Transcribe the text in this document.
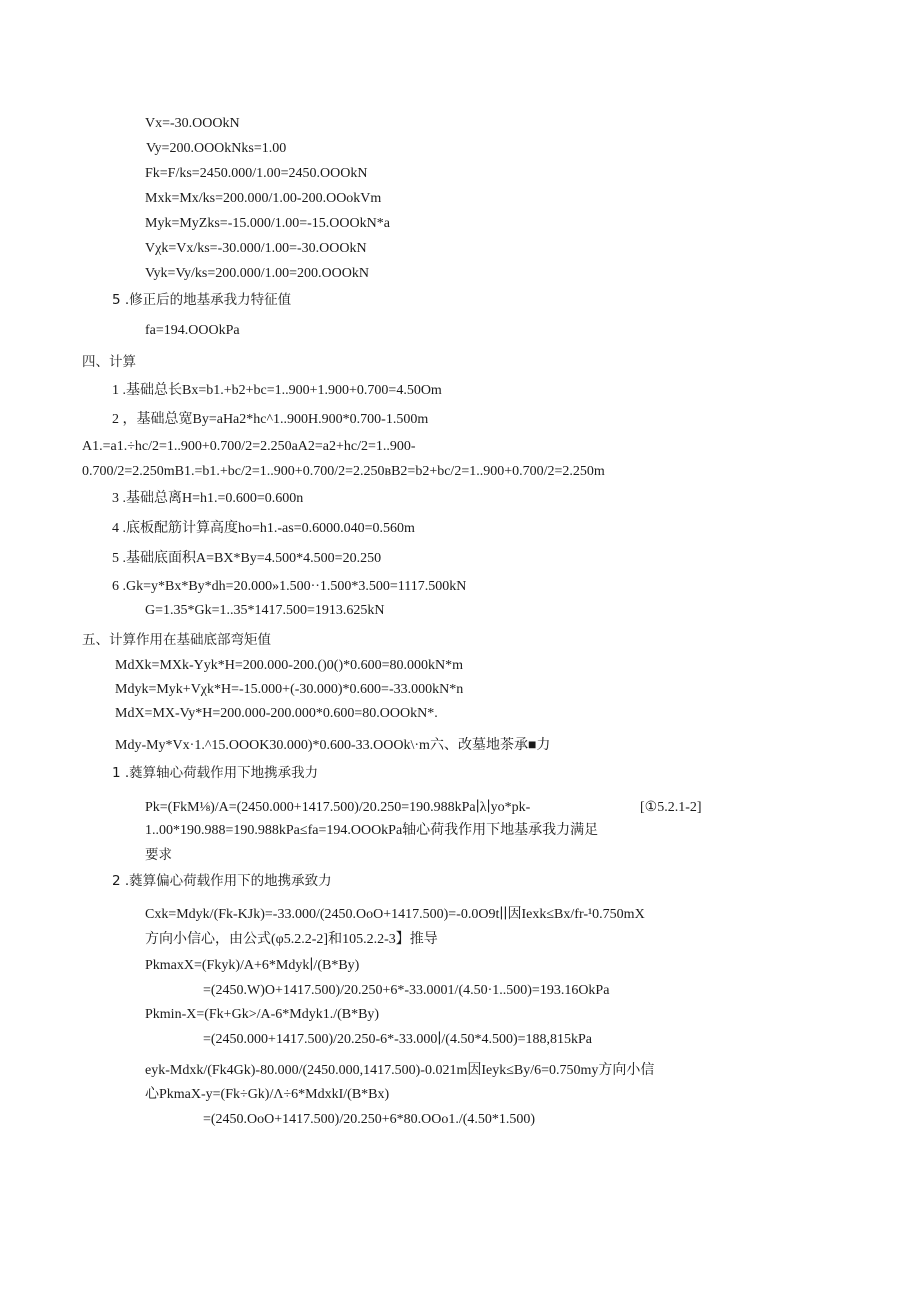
Vx=-30.OOOkN
Vy=200.OOOkNks=1.00
Fk=F/ks=2450.000/1.00=2450.OOOkN
Mxk=Mx/ks=200.000/1.00-200.OOokVm
Myk=MyZks=-15.000/1.00=-15.OOOkN*a
Vχk=Vx/ks=-30.000/1.00=-30.OOOkN
Vyk=Vy/ks=200.000/1.00=200.OOOkN
5 .修正后的地基承我力特征值
fa=194.OOOkPa
四、计算
1 .基础总长Bx=b1.+b2+bc=1..900+1.900+0.700=4.50Om
2 ，基础总宽By=aHa2*hc^1..900H.900*0.700-1.500m
A1.=a1.÷hc/2=1..900+0.700/2=2.250aA2=a2+hc/2=1..900-
0.700/2=2.250mB1.=b1.+bc/2=1..900+0.700/2=2.250вB2=b2+bc/2=1..900+0.700/2=2.250m
3 .基础总离H=h1.=0.600=0.600n
4 .底板配筋计算高度ho=h1.-as=0.6000.040=0.560m
5 .基础底面积A=BX*By=4.500*4.500=20.250
6 .Gk=y*Bx*By*dh=20.000»1.500··1.500*3.500=1117.500kN
G=1.35*Gk=1..35*1417.500=1913.625kN
五、计算作用在基础底部弯矩值
MdXk=MXk-Yyk*H=200.000-200.()0()*0.600=80.000kN*m
Mdyk=Myk+Vχk*H=-15.000+(-30.000)*0.600=-33.000kN*n
MdX=MX-Vy*H=200.000-200.000*0.600=80.OOOkN*.
Mdy-My*Vx·1.^15.OOOK30.000)*0.600-33.OOOk\·m六、改墓地茶承■力
1 .蕤算轴心荷载作用下地携承我力
Pk=(FkM⅛)/A=(2450.000+1417.500)/20.250=190.988kPa∣λ∣yo*pk-	[①5.2.1-2]
1..00*190.988=190.988kPa≤fa=194.OOOkPa轴心荷我作用下地基承我力满足
要求
2 .蕤算偏心荷载作用下的地携承致力
Cxk=Mdyk/(Fk-KJk)=-33.000/(2450.OoO+1417.500)=-0.0O9t∣∣因Iexk≤Bx/fr-¹0.750mX
方向小信心，由公式(φ5.2.2-2]和105.2.2-3】推导
PkmaxX=(Fkyk)/A+6*Mdyk∣/(B*By)
=(2450.W)O+1417.500)/20.250+6*-33.0001/(4.50·1..500)=193.16OkPa
Pkmin-X=(Fk+Gk>/A-6*Mdyk1./(B*By)
=(2450.000+1417.500)/20.250-6*-33.000∣/(4.50*4.500)=188,815kPa
eyk-Mdxk/(Fk4Gk)-80.000/(2450.000,1417.500)-0.021m因Ieyk≤By/6=0.750my方向小信
心PkmaX-y=(Fk÷Gk)/Λ÷6*MdxkI/(B*Bx)
=(2450.OoO+1417.500)/20.250+6*80.OOo1./(4.50*1.500)
